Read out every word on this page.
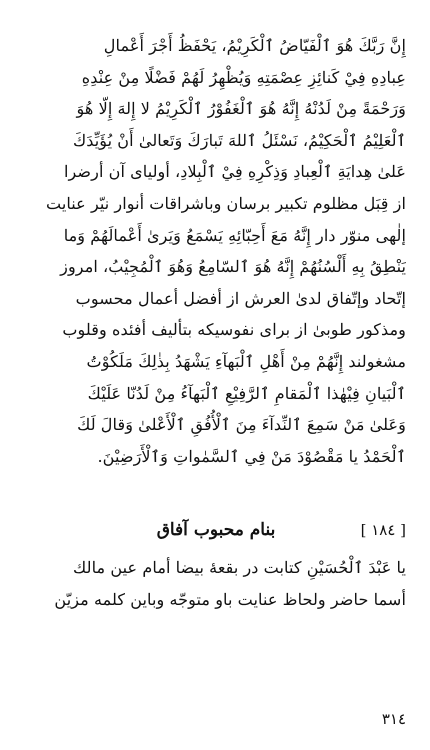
إِنَّ رَبَّكَ هُوَ ٱلْفَيّاضُ ٱلْكَرِيْمُ، يَحْفَظُ أَجْرَ أَعْمالِ
عِبادِهِ فِيْ كَنائِزِ عِصْمَتِهِ وَيُظْهِرُ لَهُمْ فَضْلًا مِنْ عِنْدِهِ
وَرَحْمَةً مِنْ لَدُنْهُ إِنَّهُ هُوَ ٱلْغَفُوْرُ ٱلْكَرِيْمُ لا إِلهَ إِلّا هُوَ
ٱلْعَلِيْمُ ٱلْحَكِيْمُ، نَسْئَلُ ٱللهَ تَبارَكَ وَتَعالىٰ أَنْ يُؤَيِّدَكَ
عَلىٰ هِدايَةِ ٱلْعِبادِ وَذِكْرِهِ فِيْ ٱلْبِلادِ، أولياى آن أرضرا
از قِبَل مظلوم تكبير برسان وباشراقات أنوار نيّر عنايت
إلٰهى منوّر دار إِنَّهُ مَعَ أَحِبّائِهِ يَسْمَعُ وَيَرىٰ أَعْمالَهُمْ وَما
يَنْطِقُ بِهِ أَلْسُنُهُمْ إِنَّهُ هُوَ ٱلسّامِعُ وَهُوَ ٱلْمُجِيْبُ، امروز
إتّحاد وإتّفاق لدىٰ العرش از أفضل أعمال محسوب
ومذكور طوبىٰ از براى نفوسيكه بتأليف أفئده وقلوب
مشغولند إِنَّهُمْ مِنْ أَهْلِ ٱلْبَهآءِ يَشْهَدُ بِذٰلِكَ مَلَكُوْتُ
ٱلْبَيانِ فِيْهٰذا ٱلْمَقامِ ٱلرَّفِيْعِ ٱلْبَهآءُ مِنْ لَدُنّا عَلَيْكَ
وَعَلىٰ مَنْ سَمِعَ ٱلنِّدآءَ مِنَ ٱلْأُفُقِ ٱلْأَعْلىٰ وَقالَ لَكَ
ٱلْحَمْدُ يا مَقْصُوْدَ مَنْ فِي ٱلسَّمٰواتِ وَٱلْأَرَضِيْنَ.
[ ١٨٤ ]
بنام محبوب آفاق
يا عَبْدَ ٱلْحُسَيْنِ كتابت در بقعهٔ بيضا أمام عين مالك
أسما حاضر ولحاظ عنايت باو متوجّه وباين كلمه مزيّن
٣١٤
